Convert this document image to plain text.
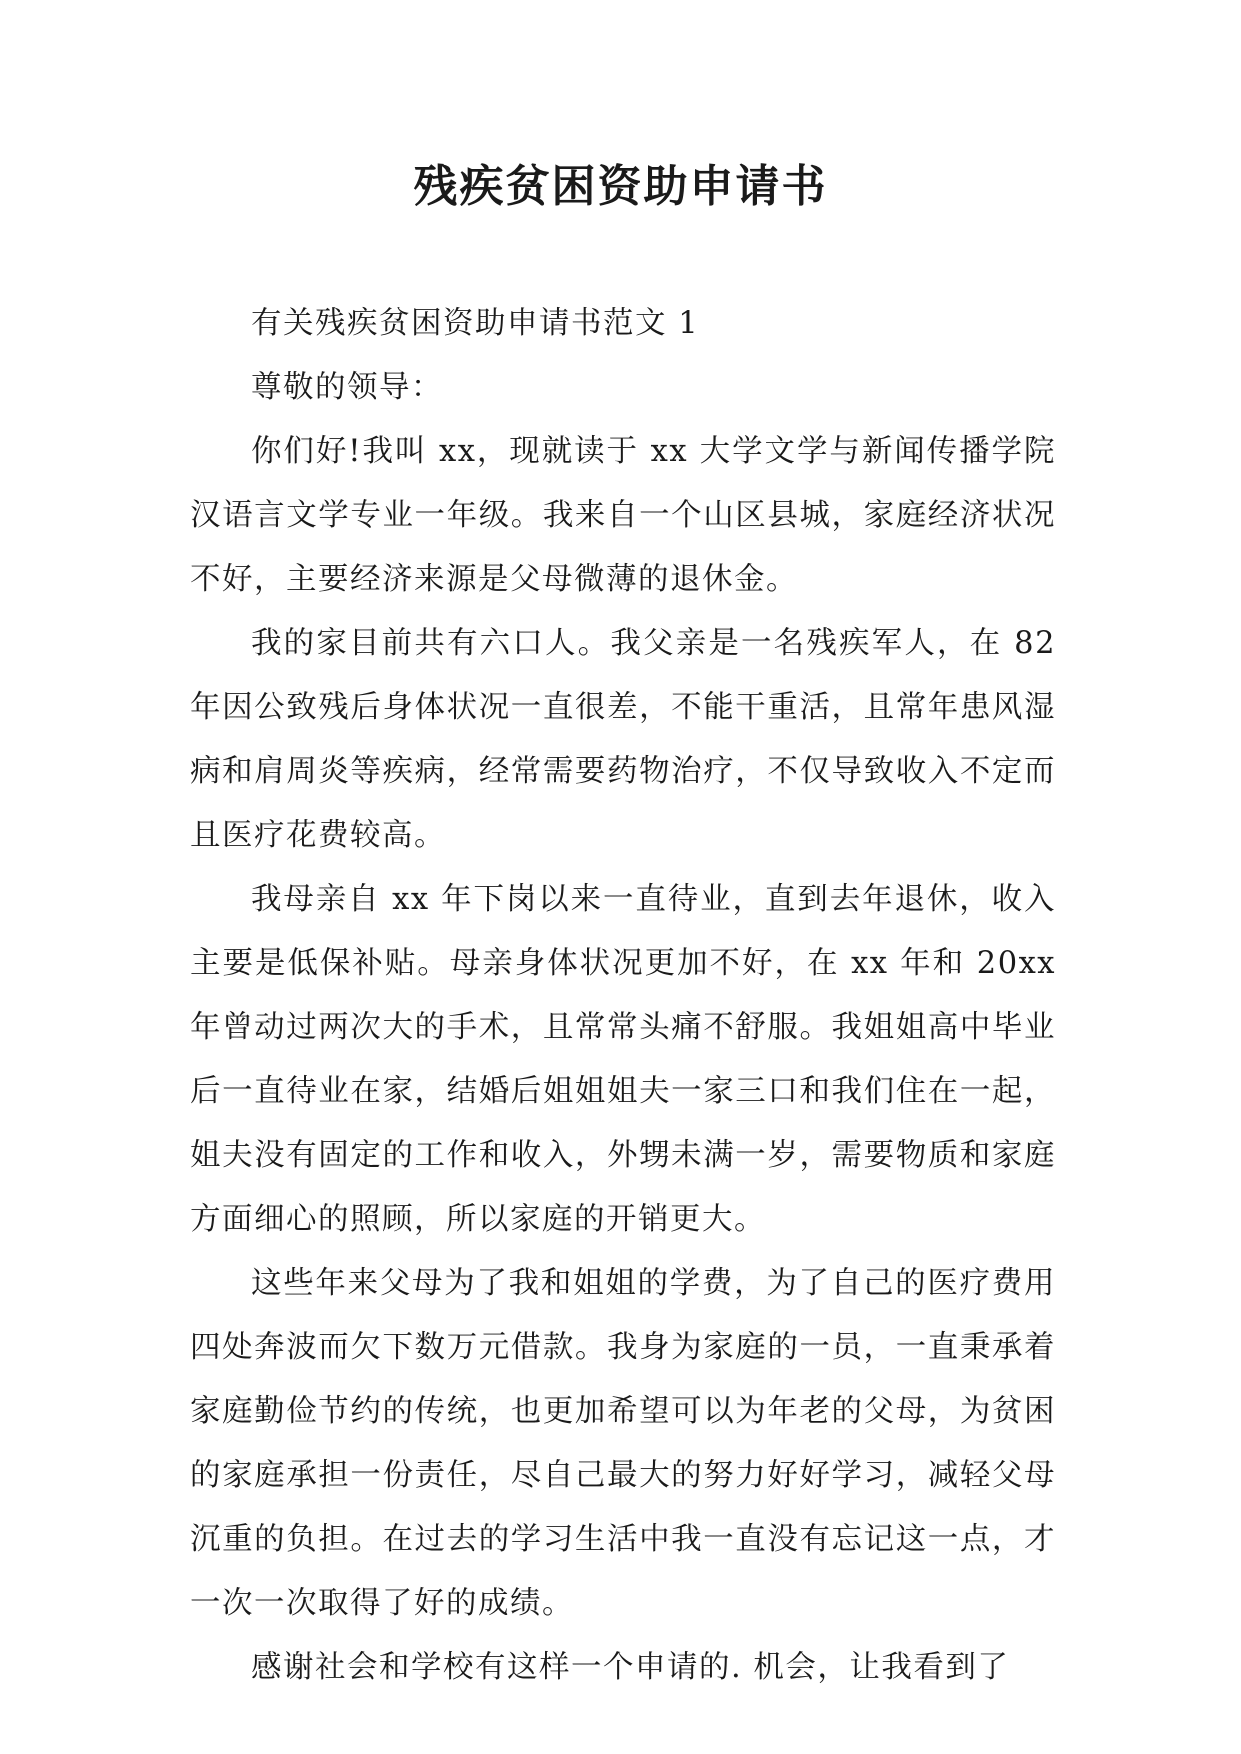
残疾贫困资助申请书

有关残疾贫困资助申请书范文 1

尊敬的领导：

你们好!我叫 xx，现就读于 xx 大学文学与新闻传播学院汉语言文学专业一年级。我来自一个山区县城，家庭经济状况不好，主要经济来源是父母微薄的退休金。

我的家目前共有六口人。我父亲是一名残疾军人，在 82 年因公致残后身体状况一直很差，不能干重活，且常年患风湿病和肩周炎等疾病，经常需要药物治疗，不仅导致收入不定而且医疗花费较高。

我母亲自 xx 年下岗以来一直待业，直到去年退休，收入主要是低保补贴。母亲身体状况更加不好，在 xx 年和 20xx 年曾动过两次大的手术，且常常头痛不舒服。我姐姐高中毕业后一直待业在家，结婚后姐姐姐夫一家三口和我们住在一起，姐夫没有固定的工作和收入，外甥未满一岁，需要物质和家庭方面细心的照顾，所以家庭的开销更大。

这些年来父母为了我和姐姐的学费，为了自己的医疗费用四处奔波而欠下数万元借款。我身为家庭的一员，一直秉承着家庭勤俭节约的传统，也更加希望可以为年老的父母，为贫困的家庭承担一份责任，尽自己最大的努力好好学习，减轻父母沉重的负担。在过去的学习生活中我一直没有忘记这一点，才一次一次取得了好的成绩。

感谢社会和学校有这样一个申请的. 机会，让我看到了
